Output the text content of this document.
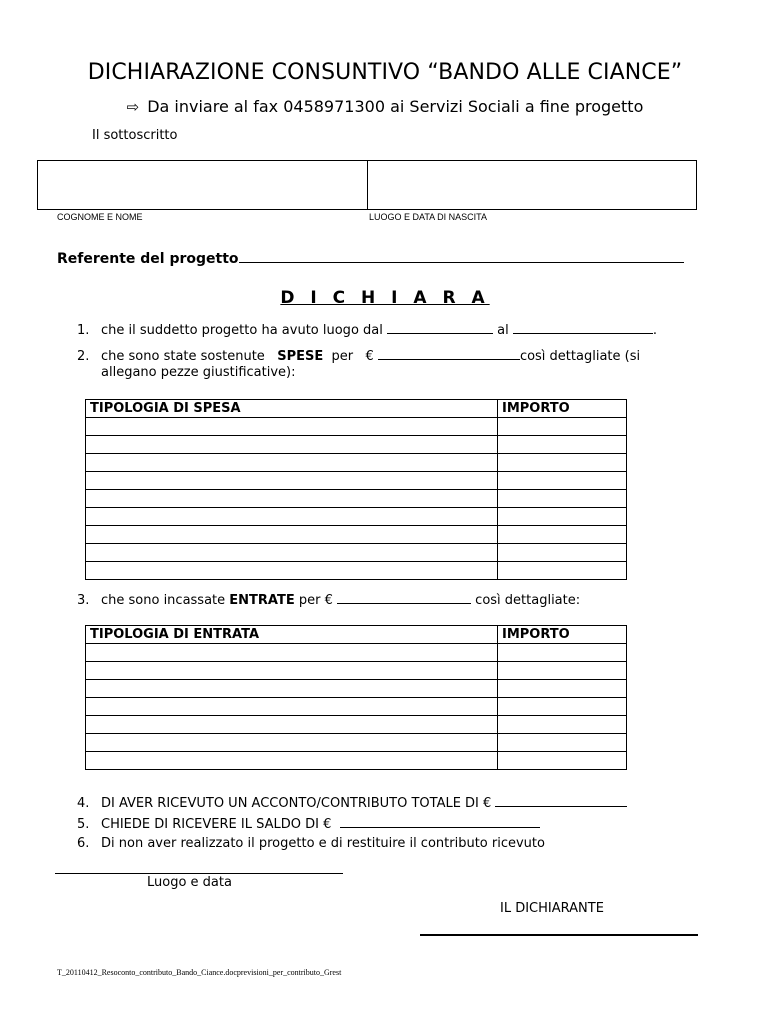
DICHIARAZIONE CONSUNTIVO “BANDO ALLE CIANCE”
⇨ Da inviare al fax 0458971300 ai Servizi Sociali a fine progetto
Il sottoscritto
COGNOME E NOME	LUOGO E DATA DI NASCITA
Referente del progetto
D I C H I A R A
1. che il suddetto progetto ha avuto luogo dal	al	.
2. che sono state sostenute SPESE per €	così dettagliate (si
allegano pezze giustificative):
TIPOLOGIA DI SPESA	IMPORTO

3. che sono incassate ENTRATE per €	così dettagliate:
TIPOLOGIA DI ENTRATA	IMPORTO

4. DI AVER RICEVUTO UN ACCONTO/CONTRIBUTO TOTALE DI €
5. CHIEDE DI RICEVERE IL SALDO DI €
6. Di non aver realizzato il progetto e di restituire il contributo ricevuto
Luogo e data
IL DICHIARANTE
T_20110412_Resoconto_contributo_Bando_Ciance.docprevisioni_per_contributo_Grest
